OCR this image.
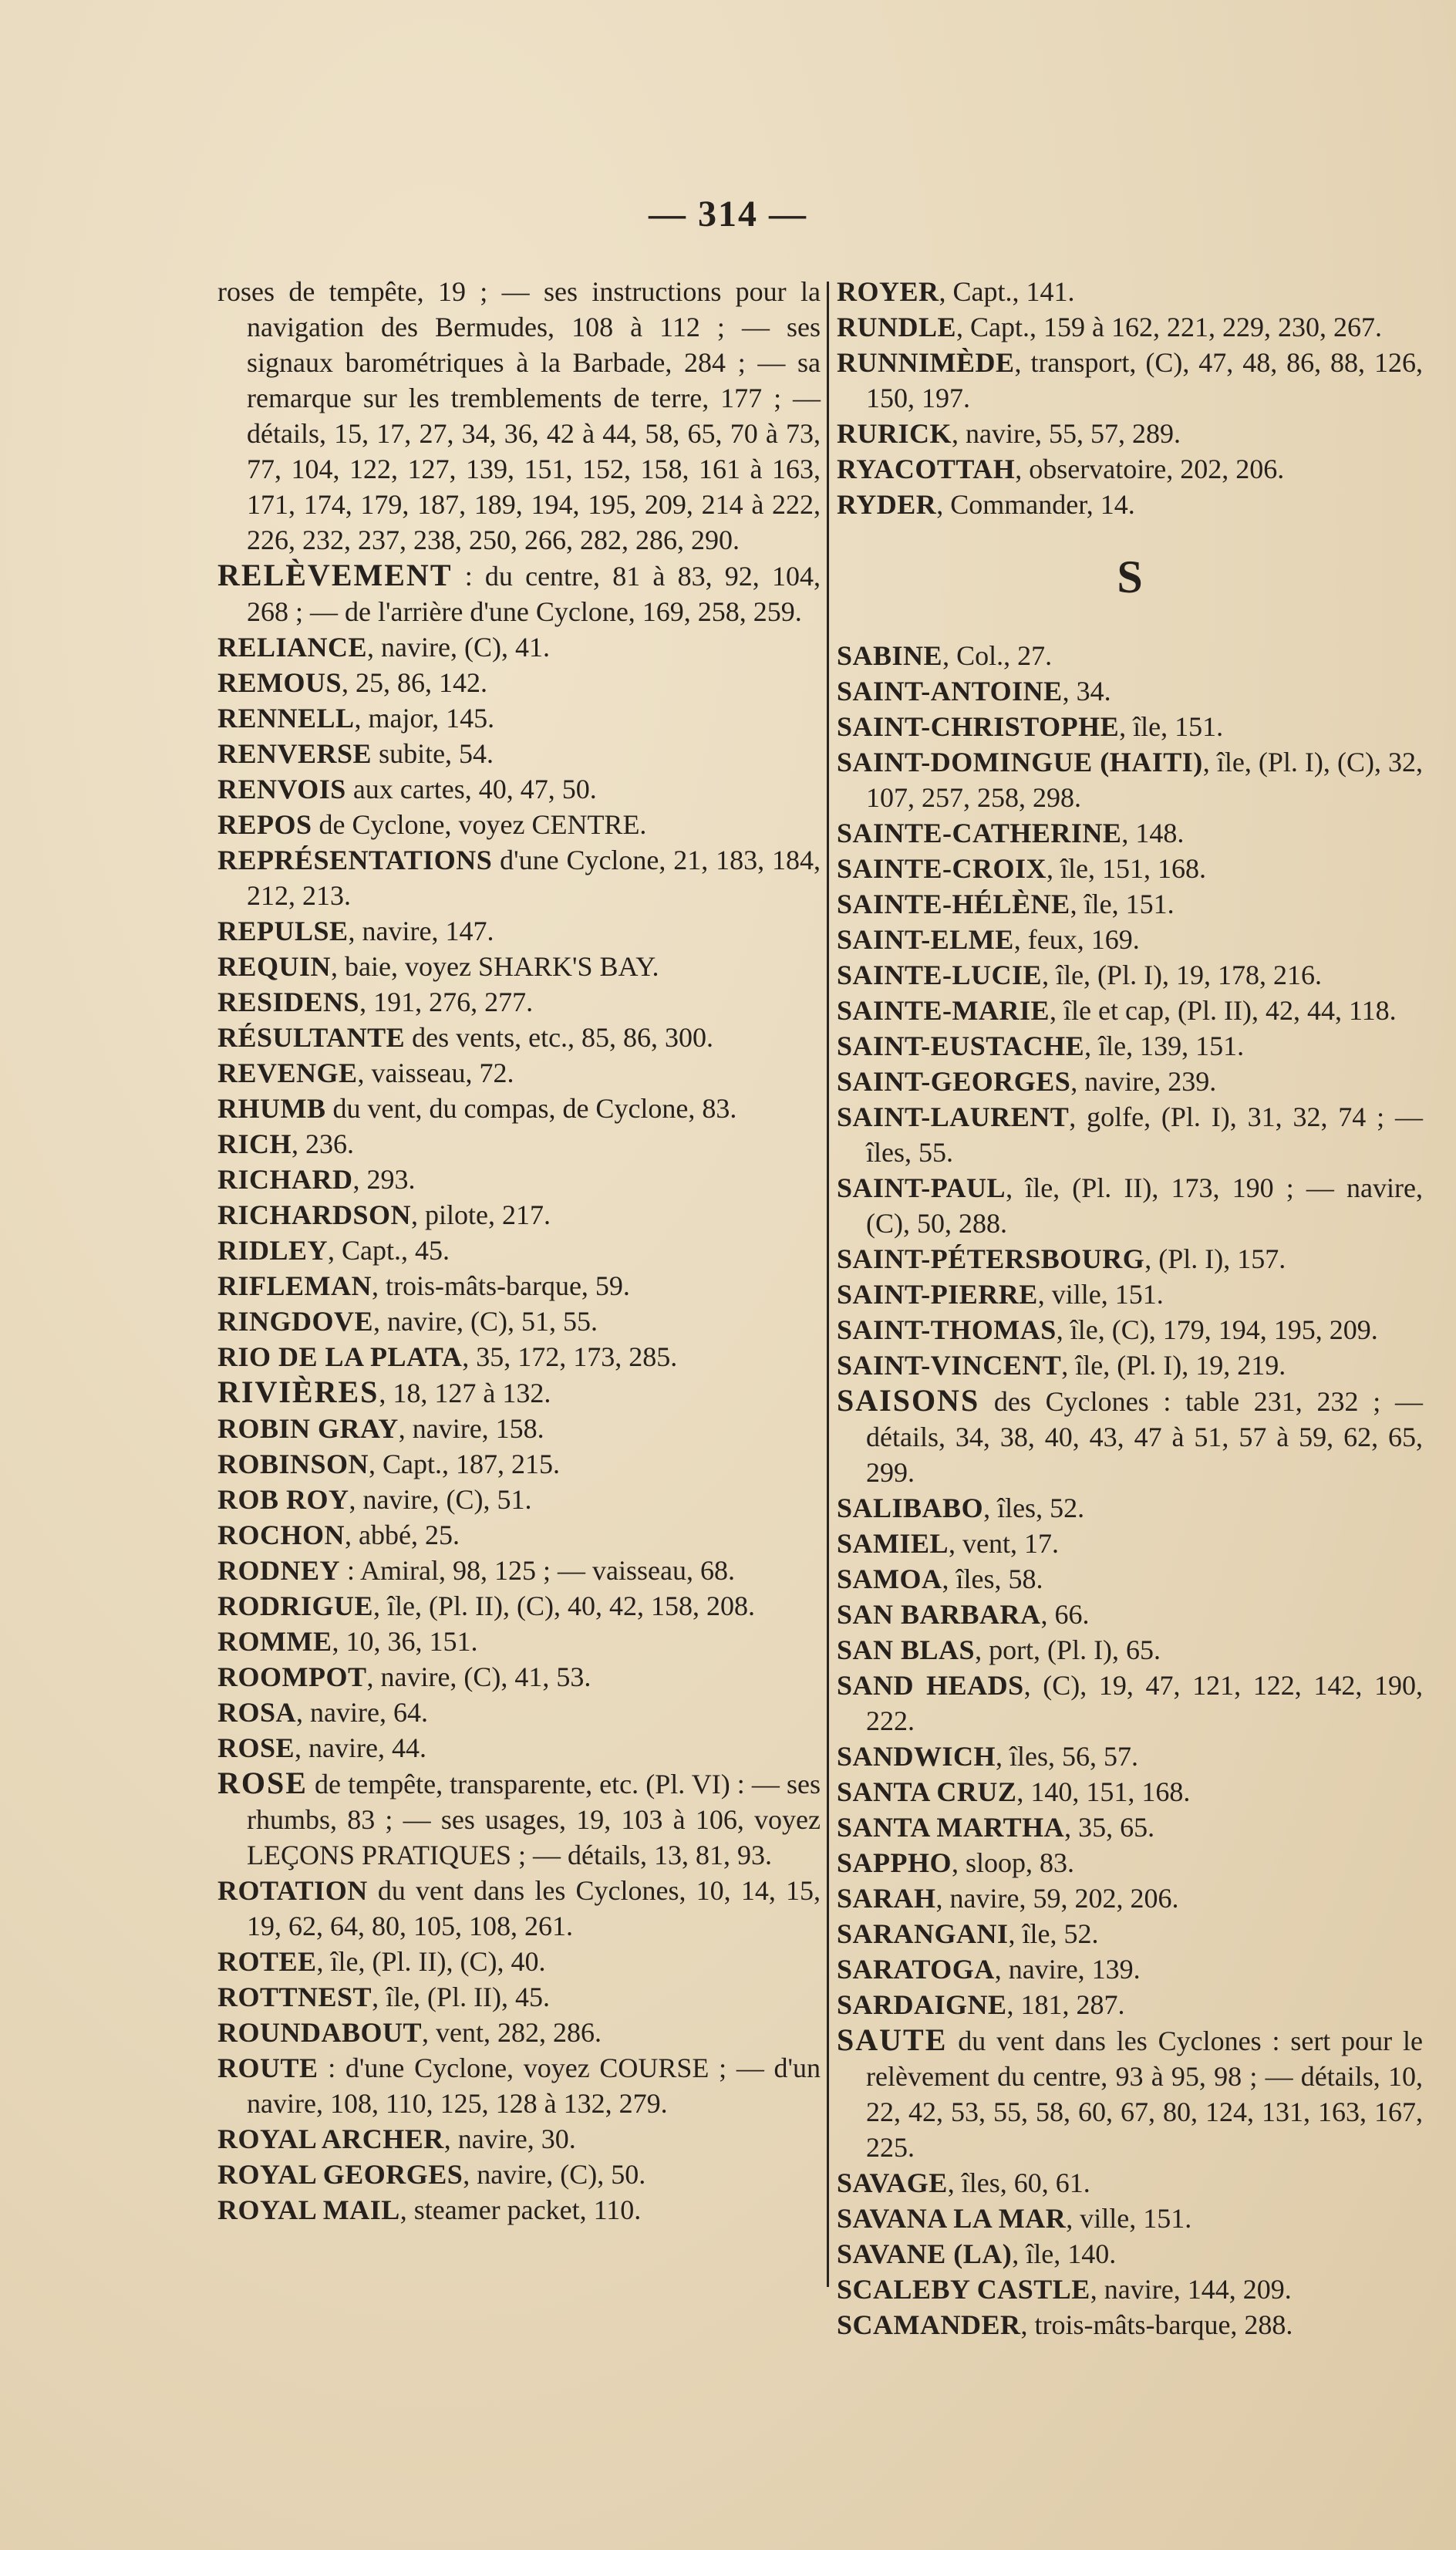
— 314 —
roses de tempête, 19 ; — ses instructions pour la navigation des Bermudes, 108 à 112 ; — ses signaux barométriques à la Barbade, 284 ; — sa remarque sur les tremblements de terre, 177 ; — détails, 15, 17, 27, 34, 36, 42 à 44, 58, 65, 70 à 73, 77, 104, 122, 127, 139, 151, 152, 158, 161 à 163, 171, 174, 179, 187, 189, 194, 195, 209, 214 à 222, 226, 232, 237, 238, 250, 266, 282, 286, 290.
RELÈVEMENT : du centre, 81 à 83, 92, 104, 268 ; — de l'arrière d'une Cyclone, 169, 258, 259.
RELIANCE, navire, (C), 41.
REMOUS, 25, 86, 142.
RENNELL, major, 145.
RENVERSE subite, 54.
RENVOIS aux cartes, 40, 47, 50.
REPOS de Cyclone, voyez CENTRE.
REPRÉSENTATIONS d'une Cyclone, 21, 183, 184, 212, 213.
REPULSE, navire, 147.
REQUIN, baie, voyez SHARK'S BAY.
RESIDENS, 191, 276, 277.
RÉSULTANTE des vents, etc., 85, 86, 300.
REVENGE, vaisseau, 72.
RHUMB du vent, du compas, de Cyclone, 83.
RICH, 236.
RICHARD, 293.
RICHARDSON, pilote, 217.
RIDLEY, Capt., 45.
RIFLEMAN, trois-mâts-barque, 59.
RINGDOVE, navire, (C), 51, 55.
RIO DE LA PLATA, 35, 172, 173, 285.
RIVIÈRES, 18, 127 à 132.
ROBIN GRAY, navire, 158.
ROBINSON, Capt., 187, 215.
ROB ROY, navire, (C), 51.
ROCHON, abbé, 25.
RODNEY : Amiral, 98, 125 ; — vaisseau, 68.
RODRIGUE, île, (Pl. II), (C), 40, 42, 158, 208.
ROMME, 10, 36, 151.
ROOMPOT, navire, (C), 41, 53.
ROSA, navire, 64.
ROSE, navire, 44.
ROSE de tempête, transparente, etc. (Pl. VI) : — ses rhumbs, 83 ; — ses usages, 19, 103 à 106, voyez LEÇONS PRATIQUES ; — détails, 13, 81, 93.
ROTATION du vent dans les Cyclones, 10, 14, 15, 19, 62, 64, 80, 105, 108, 261.
ROTEE, île, (Pl. II), (C), 40.
ROTTNEST, île, (Pl. II), 45.
ROUNDABOUT, vent, 282, 286.
ROUTE : d'une Cyclone, voyez COURSE ; — d'un navire, 108, 110, 125, 128 à 132, 279.
ROYAL ARCHER, navire, 30.
ROYAL GEORGES, navire, (C), 50.
ROYAL MAIL, steamer packet, 110.
ROYER, Capt., 141.
RUNDLE, Capt., 159 à 162, 221, 229, 230, 267.
RUNNIMÈDE, transport, (C), 47, 48, 86, 88, 126, 150, 197.
RURICK, navire, 55, 57, 289.
RYACOTTAH, observatoire, 202, 206.
RYDER, Commander, 14.
S
SABINE, Col., 27.
SAINT-ANTOINE, 34.
SAINT-CHRISTOPHE, île, 151.
SAINT-DOMINGUE (HAITI), île, (Pl. I), (C), 32, 107, 257, 258, 298.
SAINTE-CATHERINE, 148.
SAINTE-CROIX, île, 151, 168.
SAINTE-HÉLÈNE, île, 151.
SAINT-ELME, feux, 169.
SAINTE-LUCIE, île, (Pl. I), 19, 178, 216.
SAINTE-MARIE, île et cap, (Pl. II), 42, 44, 118.
SAINT-EUSTACHE, île, 139, 151.
SAINT-GEORGES, navire, 239.
SAINT-LAURENT, golfe, (Pl. I), 31, 32, 74 ; — îles, 55.
SAINT-PAUL, île, (Pl. II), 173, 190 ; — navire, (C), 50, 288.
SAINT-PÉTERSBOURG, (Pl. I), 157.
SAINT-PIERRE, ville, 151.
SAINT-THOMAS, île, (C), 179, 194, 195, 209.
SAINT-VINCENT, île, (Pl. I), 19, 219.
SAISONS des Cyclones : table 231, 232 ; — détails, 34, 38, 40, 43, 47 à 51, 57 à 59, 62, 65, 299.
SALIBABO, îles, 52.
SAMIEL, vent, 17.
SAMOA, îles, 58.
SAN BARBARA, 66.
SAN BLAS, port, (Pl. I), 65.
SAND HEADS, (C), 19, 47, 121, 122, 142, 190, 222.
SANDWICH, îles, 56, 57.
SANTA CRUZ, 140, 151, 168.
SANTA MARTHA, 35, 65.
SAPPHO, sloop, 83.
SARAH, navire, 59, 202, 206.
SARANGANI, île, 52.
SARATOGA, navire, 139.
SARDAIGNE, 181, 287.
SAUTE du vent dans les Cyclones : sert pour le relèvement du centre, 93 à 95, 98 ; — détails, 10, 22, 42, 53, 55, 58, 60, 67, 80, 124, 131, 163, 167, 225.
SAVAGE, îles, 60, 61.
SAVANA LA MAR, ville, 151.
SAVANE (LA), île, 140.
SCALEBY CASTLE, navire, 144, 209.
SCAMANDER, trois-mâts-barque, 288.
